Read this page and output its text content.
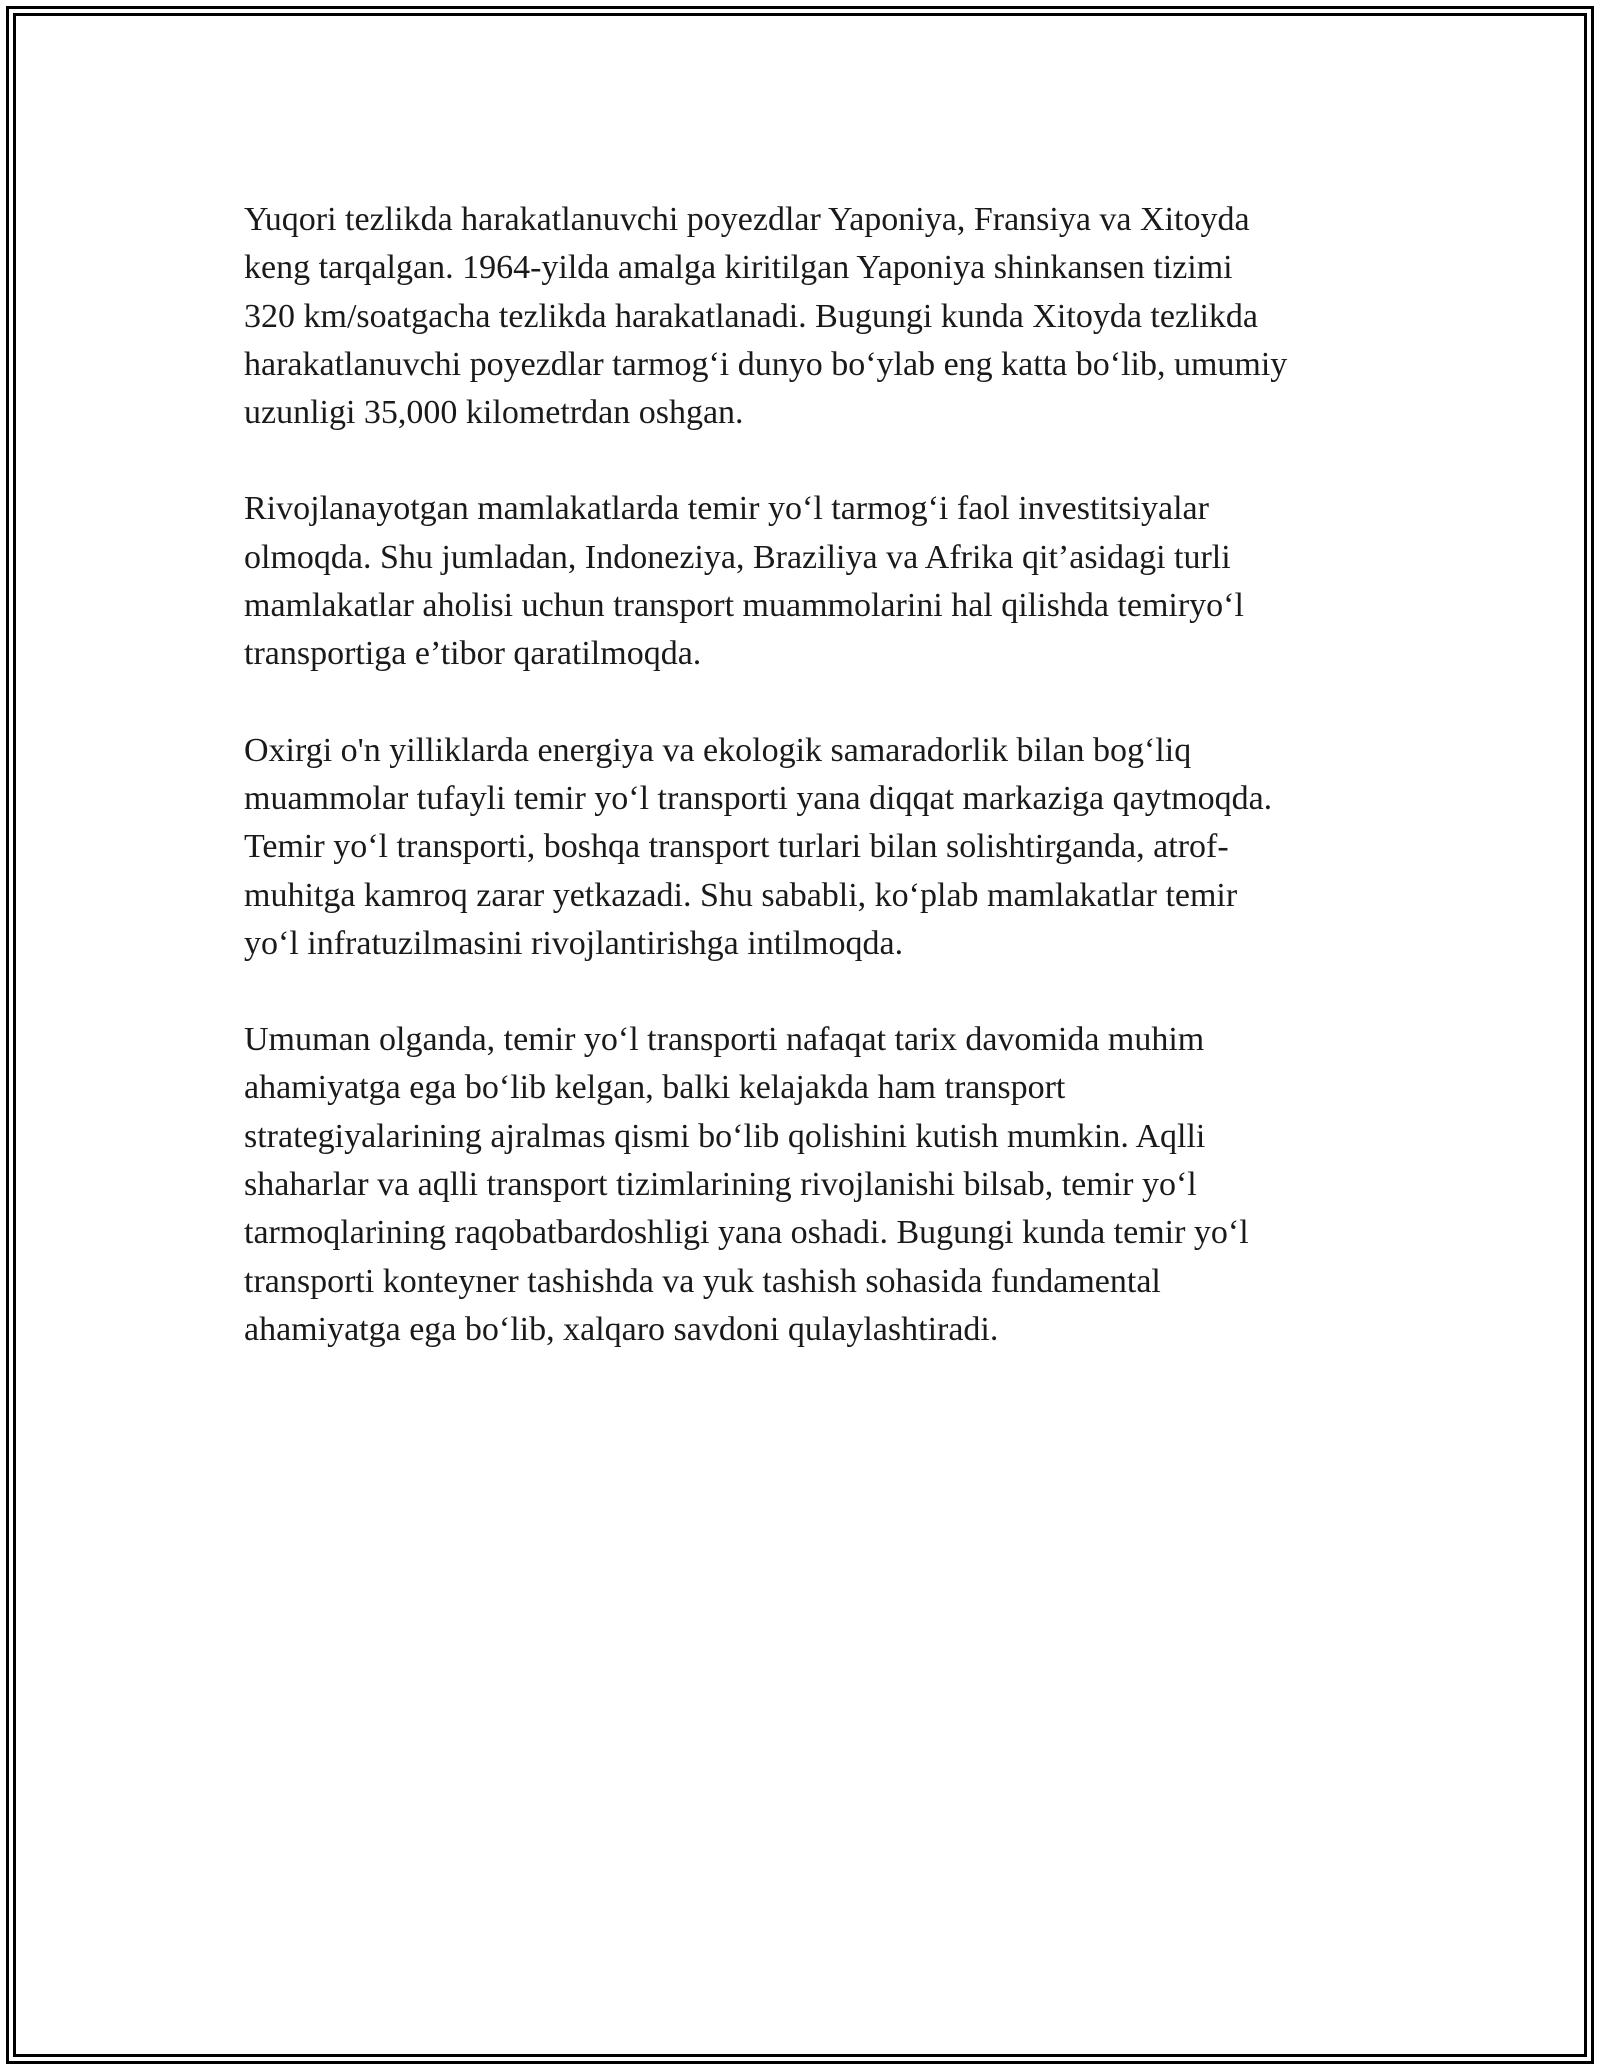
Yuqori tezlikda harakatlanuvchi poyezdlar Yaponiya, Fransiya va Xitoyda
keng tarqalgan. 1964-yilda amalga kiritilgan Yaponiya shinkansen tizimi
320 km/soatgacha tezlikda harakatlanadi. Bugungi kunda Xitoyda tezlikda
harakatlanuvchi poyezdlar tarmog‘i dunyo bo‘ylab eng katta bo‘lib, umumiy
uzunligi 35,000 kilometrdan oshgan.

Rivojlanayotgan mamlakatlarda temir yo‘l tarmog‘i faol investitsiyalar
olmoqda. Shu jumladan, Indoneziya, Braziliya va Afrika qit’asidagi turli
mamlakatlar aholisi uchun transport muammolarini hal qilishda temiryo‘l
transportiga e’tibor qaratilmoqda.

Oxirgi o'n yilliklarda energiya va ekologik samaradorlik bilan bog‘liq
muammolar tufayli temir yo‘l transporti yana diqqat markaziga qaytmoqda.
Temir yo‘l transporti, boshqa transport turlari bilan solishtirganda, atrof-
muhitga kamroq zarar yetkazadi. Shu sababli, ko‘plab mamlakatlar temir
yo‘l infratuzilmasini rivojlantirishga intilmoqda.

Umuman olganda, temir yo‘l transporti nafaqat tarix davomida muhim
ahamiyatga ega bo‘lib kelgan, balki kelajakda ham transport
strategiyalarining ajralmas qismi bo‘lib qolishini kutish mumkin. Aqlli
shaharlar va aqlli transport tizimlarining rivojlanishi bilsab, temir yo‘l
tarmoqlarining raqobatbardoshligi yana oshadi. Bugungi kunda temir yo‘l
transporti konteyner tashishda va yuk tashish sohasida fundamental
ahamiyatga ega bo‘lib, xalqaro savdoni qulaylashtiradi.
